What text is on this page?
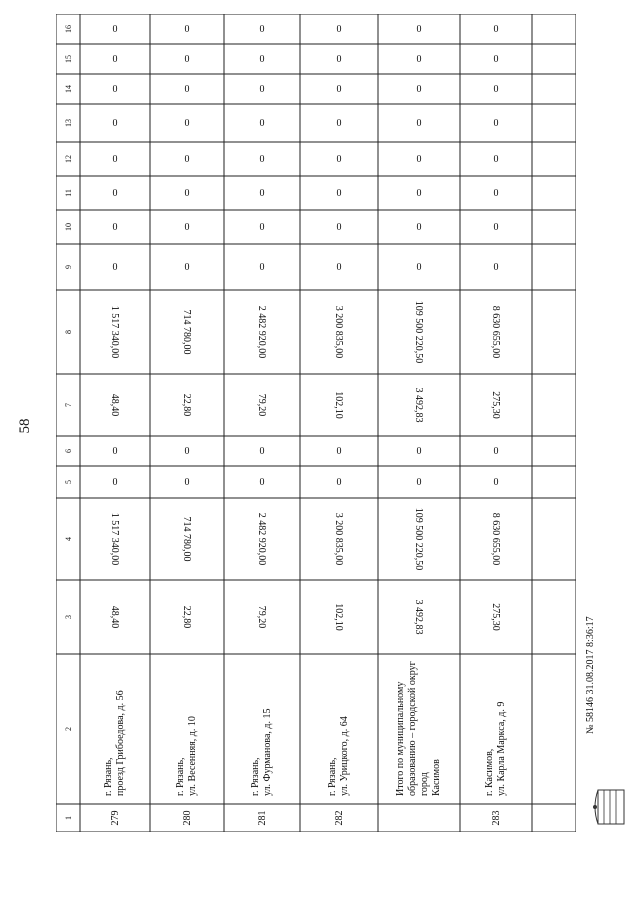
58
16
15
14
13
12
11
10
9
8
7
6
5
4
3
2
1
0
0
0
0
0
0
0
0
1 517 340,00
48,40
0
0
1 517 340,00
48,40
г. Рязань,
проезд Грибоедова, д. 56
279
0
0
0
0
0
0
0
0
714 780,00
22,80
0
0
714 780,00
22,80
г. Рязань,
ул. Весенняя, д. 10
280
0
0
0
0
0
0
0
0
2 482 920,00
79,20
0
0
2 482 920,00
79,20
г. Рязань,
ул. Фурманова, д. 15
281
0
0
0
0
0
0
0
0
3 200 835,00
102,10
0
0
3 200 835,00
102,10
г. Рязань,
ул. Урицкого, д. 64
282
0
0
0
0
0
0
0
0
109 500 220,50
3 492,83
0
0
109 500 220,50
3 492,83
Итого по муниципальному
образованию – городской округ город
Касимов
0
0
0
0
0
0
0
0
8 630 655,00
275,30
0
0
8 630 655,00
275,30
г. Касимов,
ул. Карла Маркса, д. 9
283
№ 58146 31.08.2017 8:36:17
